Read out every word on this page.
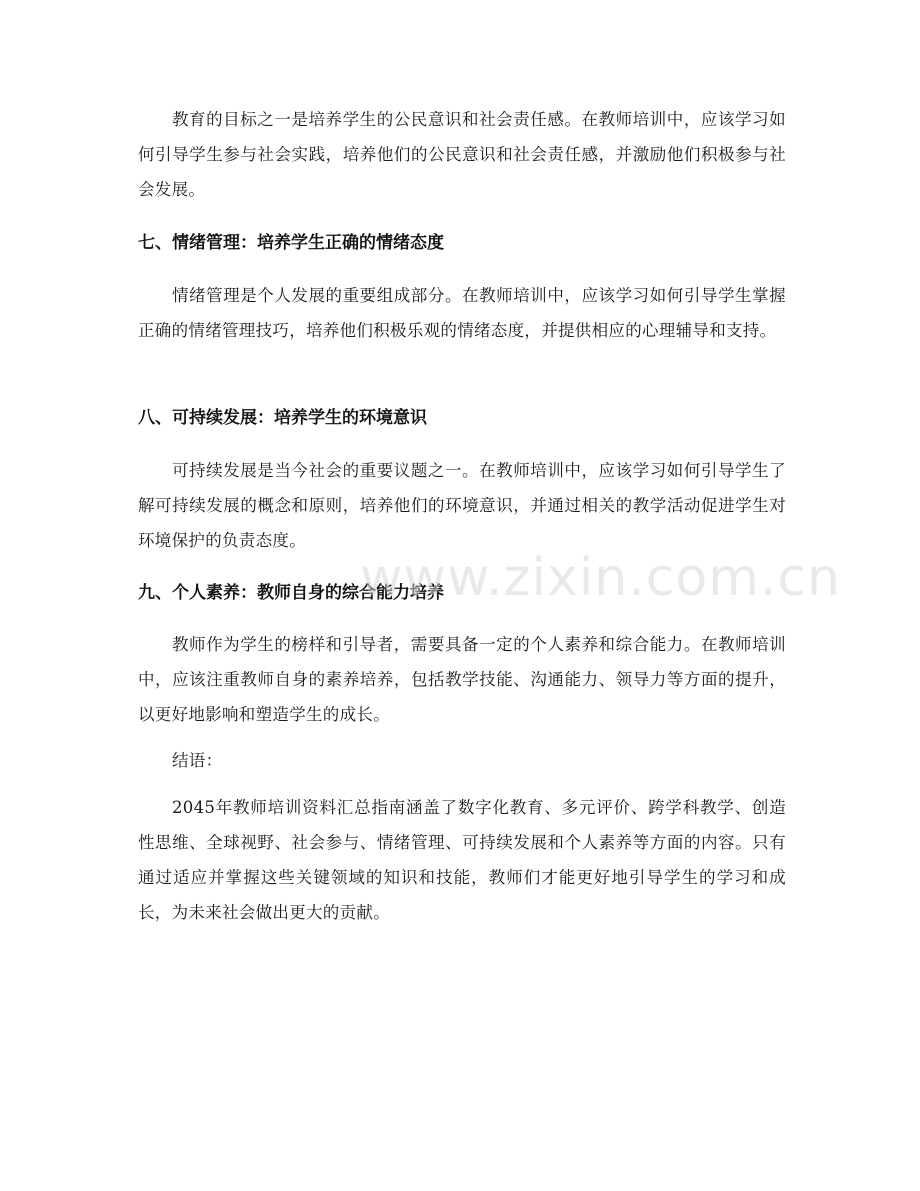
教育的目标之一是培养学生的公民意识和社会责任感。在教师培训中，应该学习如何引导学生参与社会实践，培养他们的公民意识和社会责任感，并激励他们积极参与社会发展。

七、情绪管理：培养学生正确的情绪态度

情绪管理是个人发展的重要组成部分。在教师培训中，应该学习如何引导学生掌握正确的情绪管理技巧，培养他们积极乐观的情绪态度，并提供相应的心理辅导和支持。

八、可持续发展：培养学生的环境意识

可持续发展是当今社会的重要议题之一。在教师培训中，应该学习如何引导学生了解可持续发展的概念和原则，培养他们的环境意识，并通过相关的教学活动促进学生对环境保护的负责态度。

九、个人素养：教师自身的综合能力培养

教师作为学生的榜样和引导者，需要具备一定的个人素养和综合能力。在教师培训中，应该注重教师自身的素养培养，包括教学技能、沟通能力、领导力等方面的提升，以更好地影响和塑造学生的成长。

结语：

2045年教师培训资料汇总指南涵盖了数字化教育、多元评价、跨学科教学、创造性思维、全球视野、社会参与、情绪管理、可持续发展和个人素养等方面的内容。只有通过适应并掌握这些关键领域的知识和技能，教师们才能更好地引导学生的学习和成长，为未来社会做出更大的贡献。

www.zixin.com.cn
